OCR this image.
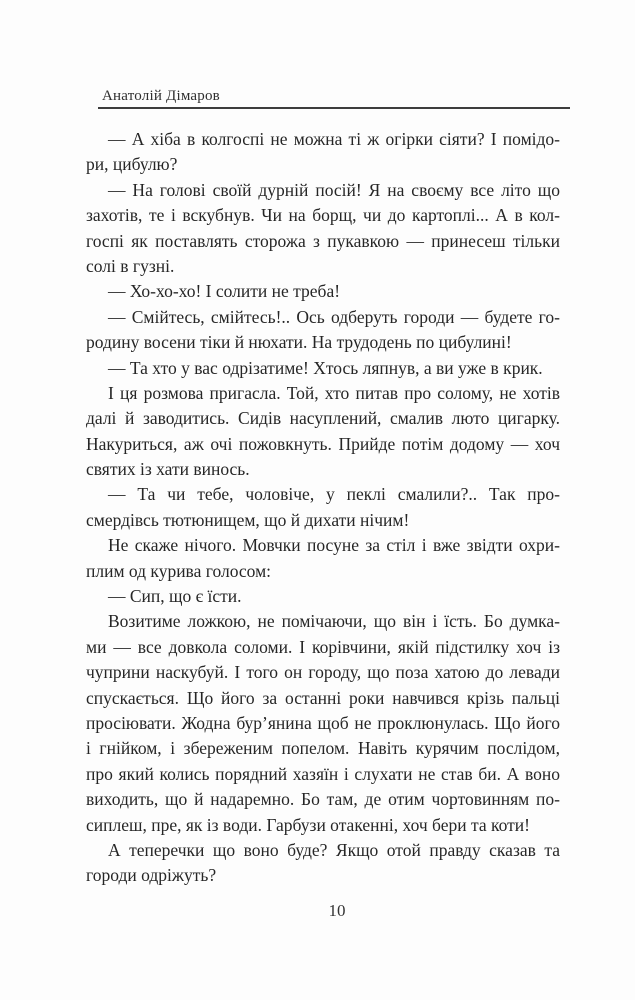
Анатолій Дімаров
— А хіба в колгоспі не можна ті ж огірки сіяти? І помідо-
ри, цибулю?
— На голові своїй дурній посій! Я на своєму все літо що
захотів, те і вскубнув. Чи на борщ, чи до картоплі... А в кол-
госпі як поставлять сторожа з пукавкою — принесеш тільки
солі в гузні.
— Хо-хо-хо! І солити не треба!
— Смійтесь, смійтесь!.. Ось одберуть городи — будете го-
родину восени тіки й нюхати. На трудодень по цибулині!
— Та хто у вас одрізатиме! Хтось ляпнув, а ви уже в крик.
І ця розмова пригасла. Той, хто питав про солому, не хотів
далі й заводитись. Сидів насуплений, смалив люто цигарку.
Накуриться, аж очі пожовкнуть. Прийде потім додому — хоч
святих із хати винось.
— Та чи тебе, чоловіче, у пеклі смалили?.. Так про-
смердівсь тютюнищем, що й дихати нічим!
Не скаже нічого. Мовчки посуне за стіл і вже звідти охри-
плим од курива голосом:
— Сип, що є їсти.
Возитиме ложкою, не помічаючи, що він і їсть. Бо думка-
ми — все довкола соломи. І корівчини, якій підстилку хоч із
чуприни наскубуй. І того он городу, що поза хатою до левади
спускається. Що його за останні роки навчився крізь пальці
просіювати. Жодна бур’янина щоб не проклюнулась. Що його
і гнійком, і збереженим попелом. Навіть курячим послідом,
про який колись порядний хазяїн і слухати не став би. А воно
виходить, що й надаремно. Бо там, де отим чортовинням по-
сиплеш, пре, як із води. Гарбузи отакенні, хоч бери та коти!
А теперечки що воно буде? Якщо отой правду сказав та
городи одріжуть?
10
